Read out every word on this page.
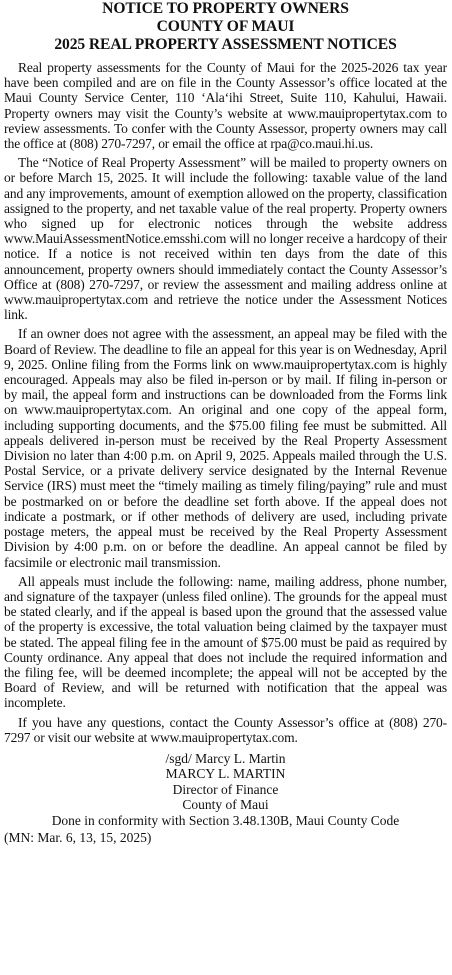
NOTICE TO PROPERTY OWNERS
COUNTY OF MAUI
2025 REAL PROPERTY ASSESSMENT NOTICES

Real property assessments for the County of Maui for the 2025-2026 tax year have been compiled and are on file in the County Assessor’s office located at the Maui County Service Center, 110 ‘Ala‘ihi Street, Suite 110, Kahului, Hawaii. Property owners may visit the County’s website at www.mauipropertytax.com to review assessments. To confer with the County Assessor, property owners may call the office at (808) 270-7297, or email the office at rpa@co.maui.hi.us.

The “Notice of Real Property Assessment” will be mailed to property owners on or before March 15, 2025. It will include the following: taxable value of the land and any improvements, amount of exemption allowed on the property, classification assigned to the property, and net taxable value of the real property. Property owners who signed up for electronic notices through the website address www.MauiAssessmentNotice.emsshi.com will no longer receive a hardcopy of their notice. If a notice is not received within ten days from the date of this announcement, property owners should immediately contact the County Assessor’s Office at (808) 270-7297, or review the assessment and mailing address online at www.mauipropertytax.com and retrieve the notice under the Assessment Notices link.

If an owner does not agree with the assessment, an appeal may be filed with the Board of Review. The deadline to file an appeal for this year is on Wednesday, April 9, 2025. Online filing from the Forms link on www.mauipropertytax.com is highly encouraged. Appeals may also be filed in-person or by mail. If filing in-person or by mail, the appeal form and instructions can be downloaded from the Forms link on www.mauipropertytax.com. An original and one copy of the appeal form, including supporting documents, and the $75.00 filing fee must be submitted. All appeals delivered in-person must be received by the Real Property Assessment Division no later than 4:00 p.m. on April 9, 2025. Appeals mailed through the U.S. Postal Service, or a private delivery service designated by the Internal Revenue Service (IRS) must meet the “timely mailing as timely filing/paying” rule and must be postmarked on or before the deadline set forth above. If the appeal does not indicate a postmark, or if other methods of delivery are used, including private postage meters, the appeal must be received by the Real Property Assessment Division by 4:00 p.m. on or before the deadline. An appeal cannot be filed by facsimile or electronic mail transmission.

All appeals must include the following: name, mailing address, phone number, and signature of the taxpayer (unless filed online). The grounds for the appeal must be stated clearly, and if the appeal is based upon the ground that the assessed value of the property is excessive, the total valuation being claimed by the taxpayer must be stated. The appeal filing fee in the amount of $75.00 must be paid as required by County ordinance. Any appeal that does not include the required information and the filing fee, will be deemed incomplete; the appeal will not be accepted by the Board of Review, and will be returned with notification that the appeal was incomplete.

If you have any questions, contact the County Assessor’s office at (808) 270-7297 or visit our website at www.mauipropertytax.com.

/sgd/ Marcy L. Martin
MARCY L. MARTIN
Director of Finance
County of Maui
Done in conformity with Section 3.48.130B, Maui County Code
(MN: Mar. 6, 13, 15, 2025)
